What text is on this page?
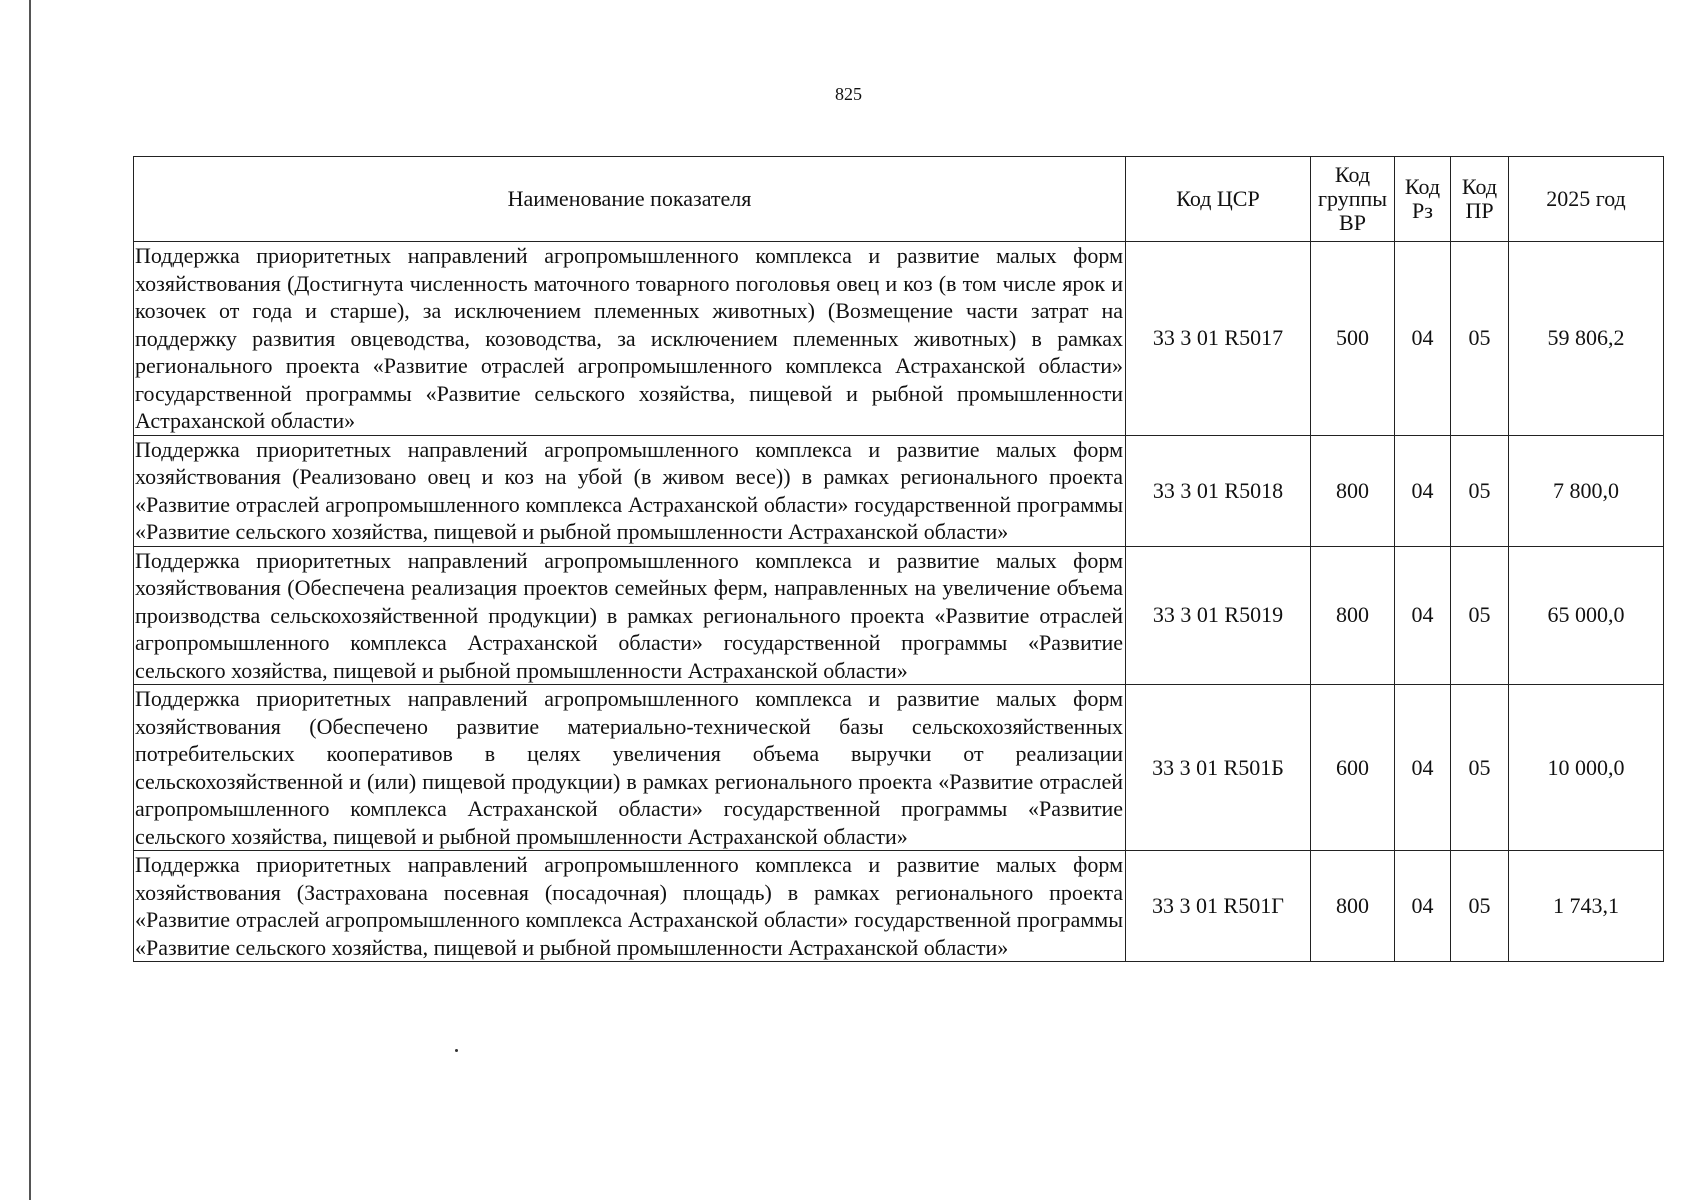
825
Наименование показателя	Код ЦСР	Код группы ВР	Код Рз	Код ПР	2025 год
Поддержка приоритетных направлений агропромышленного комплекса и развитие малых форм хозяйствования (Достигнута численность маточного товарного поголовья овец и коз (в том числе ярок и козочек от года и старше), за исключением племенных животных) (Возмещение части затрат на поддержку развития овцеводства, козоводства, за исключением племенных животных) в рамках регионального проекта «Развитие отраслей агропромышленного комплекса Астраханской области» государственной программы «Развитие сельского хозяйства, пищевой и рыбной промышленности Астраханской области»	33 3 01 R5017	500	04	05	59 806,2
Поддержка приоритетных направлений агропромышленного комплекса и развитие малых форм хозяйствования (Реализовано овец и коз на убой (в живом весе)) в рамках регионального проекта «Развитие отраслей агропромышленного комплекса Астраханской области» государственной программы «Развитие сельского хозяйства, пищевой и рыбной промышленности Астраханской области»	33 3 01 R5018	800	04	05	7 800,0
Поддержка приоритетных направлений агропромышленного комплекса и развитие малых форм хозяйствования (Обеспечена реализация проектов семейных ферм, направленных на увеличение объема производства сельскохозяйственной продукции) в рамках регионального проекта «Развитие отраслей агропромышленного комплекса Астраханской области» государственной программы «Развитие сельского хозяйства, пищевой и рыбной промышленности Астраханской области»	33 3 01 R5019	800	04	05	65 000,0
Поддержка приоритетных направлений агропромышленного комплекса и развитие малых форм хозяйствования (Обеспечено развитие материально-технической базы сельскохозяйственных потребительских кооперативов в целях увеличения объема выручки от реализации сельскохозяйственной и (или) пищевой продукции) в рамках регионального проекта «Развитие отраслей агропромышленного комплекса Астраханской области» государственной программы «Развитие сельского хозяйства, пищевой и рыбной промышленности Астраханской области»	33 3 01 R501Б	600	04	05	10 000,0
Поддержка приоритетных направлений агропромышленного комплекса и развитие малых форм хозяйствования (Застрахована посевная (посадочная) площадь) в рамках регионального проекта «Развитие отраслей агропромышленного комплекса Астраханской области» государственной программы «Развитие сельского хозяйства, пищевой и рыбной промышленности Астраханской области»	33 3 01 R501Г	800	04	05	1 743,1
